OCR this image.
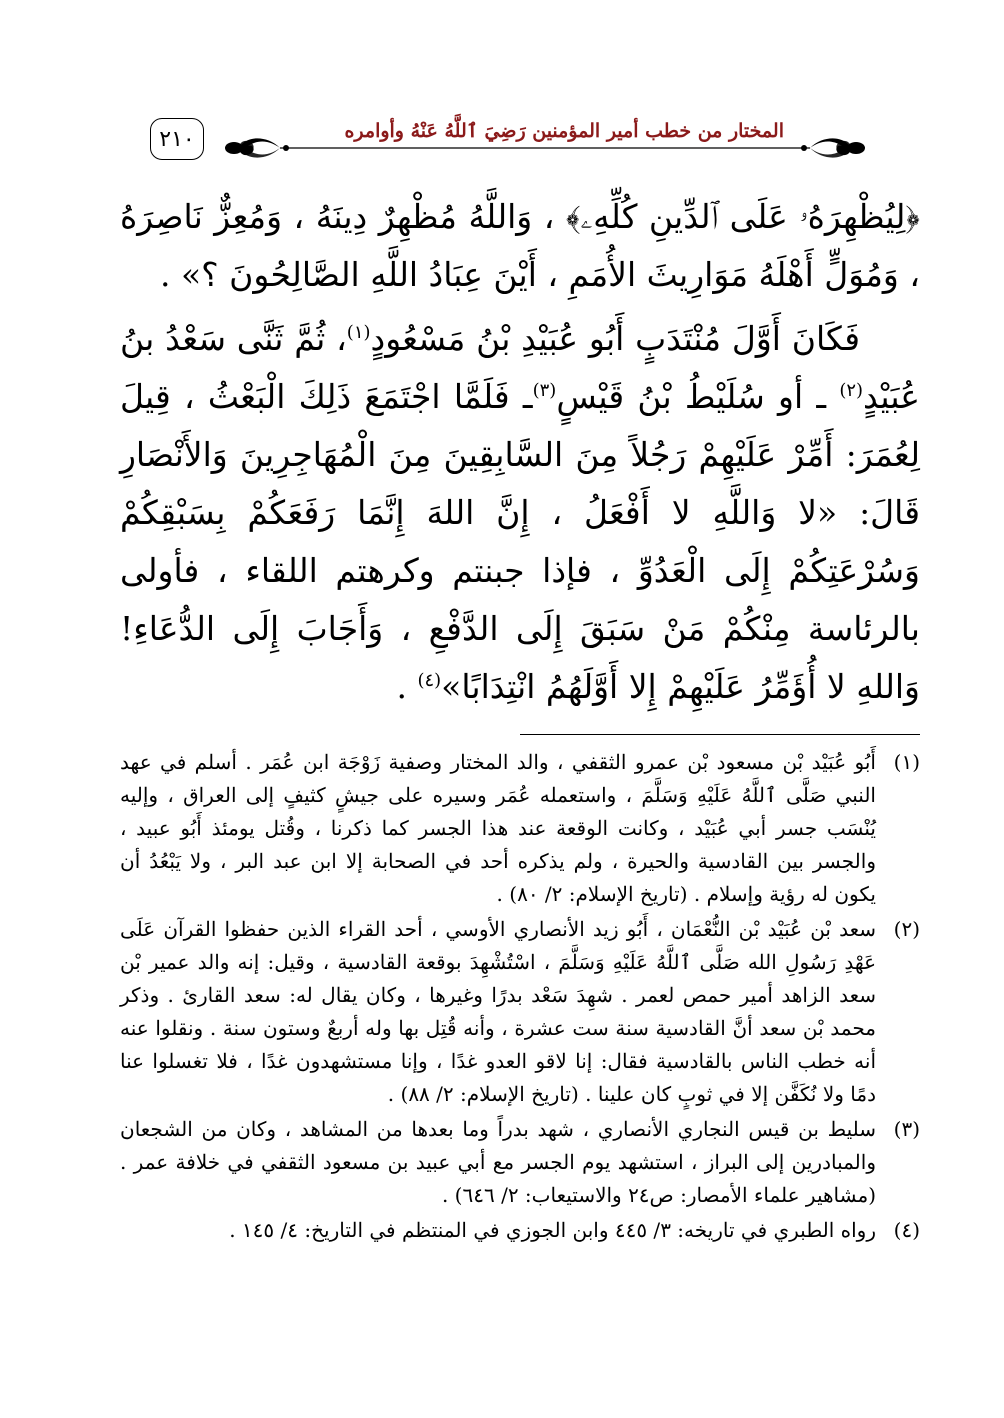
٢١٠	المختار من خطب أمير المؤمنين رَضِيَ ٱللَّهُ عَنْهُ وأوامره

﴿لِيُظْهِرَهُۥ عَلَى ٱلدِّينِ كُلِّهِۦ﴾ ، وَاللَّهُ مُظْهِرٌ دِينَهُ ، وَمُعِزٌّ نَاصِرَهُ ، وَمُوَلٍّ أَهْلَهُ مَوَارِيثَ الأُمَمِ ، أَيْنَ عِبَادُ اللَّهِ الصَّالِحُونَ ؟» .

فَكَانَ أَوَّلَ مُنْتَدَبٍ أَبُو عُبَيْدِ بْنُ مَسْعُودٍ$^{(١)}$، ثُمَّ ثَنَّى سَعْدُ بنُ عُبَيْدٍ$^{(٢)}$ ـ أو سُلَيْطُ بْنُ قَيْسٍ$^{(٣)}$ـ فَلَمَّا اجْتَمَعَ ذَلِكَ الْبَعْثُ ، قِيلَ لِعُمَرَ: أَمِّرْ عَلَيْهِمْ رَجُلاً مِنَ السَّابِقِينَ مِنَ الْمُهَاجِرِينَ وَالأَنْصَارِ قَالَ: «لا وَاللَّهِ لا أَفْعَلُ ، إِنَّ اللهَ إِنَّمَا رَفَعَكُمْ بِسَبْقِكُمْ وَسُرْعَتِكُمْ إِلَى الْعَدُوِّ ، فإذا جبنتم وكرهتم اللقاء ، فأولى بالرئاسة مِنْكُمْ مَنْ سَبَقَ إِلَى الدَّفْعِ ، وَأَجَابَ إِلَى الدُّعَاءِ! وَاللهِ لا أُؤَمِّرُ عَلَيْهِمْ إِلا أَوَّلَهُمُ انْتِدَابًا»$^{(٤)}$ .

(١)
أَبُو عُبَيْد بْن مسعود بْن عمرو الثقفي ، والد المختار وصفية زَوْجَة ابن عُمَر . أسلم في عهد النبي صَلَّى ٱللَّهُ عَلَيْهِ وَسَلَّمَ ، واستعمله عُمَر وسيره على جيشٍ كثيفٍ إلى العراق ، وإليه يُنْسَب جسر أبي عُبَيْد ، وكانت الوقعة عند هذا الجسر كما ذكرنا ، وقُتل يومئذ أَبُو عبيد ، والجسر بين القادسية والحيرة ، ولم يذكره أحد في الصحابة إلا ابن عبد البر ، ولا يَبْعُدُ أن يكون له رؤية وإسلام . (تاريخ الإسلام: ٢/ ٨٠) .
(٢)
سعد بْن عُبَيْد بْن النُّعْمَان ، أَبُو زيد الأنصاري الأوسي ، أحد القراء الذين حفظوا القرآن عَلَى عَهْدِ رَسُولِ الله صَلَّى ٱللَّهُ عَلَيْهِ وَسَلَّمَ ، اسْتُشْهِدَ بوقعة القادسية ، وقيل: إنه والد عمير بْن سعد الزاهد أمير حمص لعمر . شهِدَ سَعْد بدرًا وغيرها ، وكان يقال له: سعد القارئ . وذكر محمد بْن سعد أنَّ القادسية سنة ست عشرة ، وأنه قُتِل بها وله أربعٌ وستون سنة . ونقلوا عنه أنه خطب الناس بالقادسية فقال: إنا لاقو العدو غدًا ، وإنا مستشهدون غدًا ، فلا تغسلوا عنا دمًا ولا نُكَفَّن إلا في ثوبٍ كان علينا . (تاريخ الإسلام: ٢/ ٨٨) .
(٣)
سليط بن قيس النجاري الأنصاري ، شهد بدراً وما بعدها من المشاهد ، وكان من الشجعان والمبادرين إلى البراز ، استشهد يوم الجسر مع أبي عبيد بن مسعود الثقفي في خلافة عمر . (مشاهير علماء الأمصار: ص٢٤ والاستيعاب: ٢/ ٦٤٦) .
(٤)
رواه الطبري في تاريخه: ٣/ ٤٤٥ وابن الجوزي في المنتظم في التاريخ: ٤/ ١٤٥ .
